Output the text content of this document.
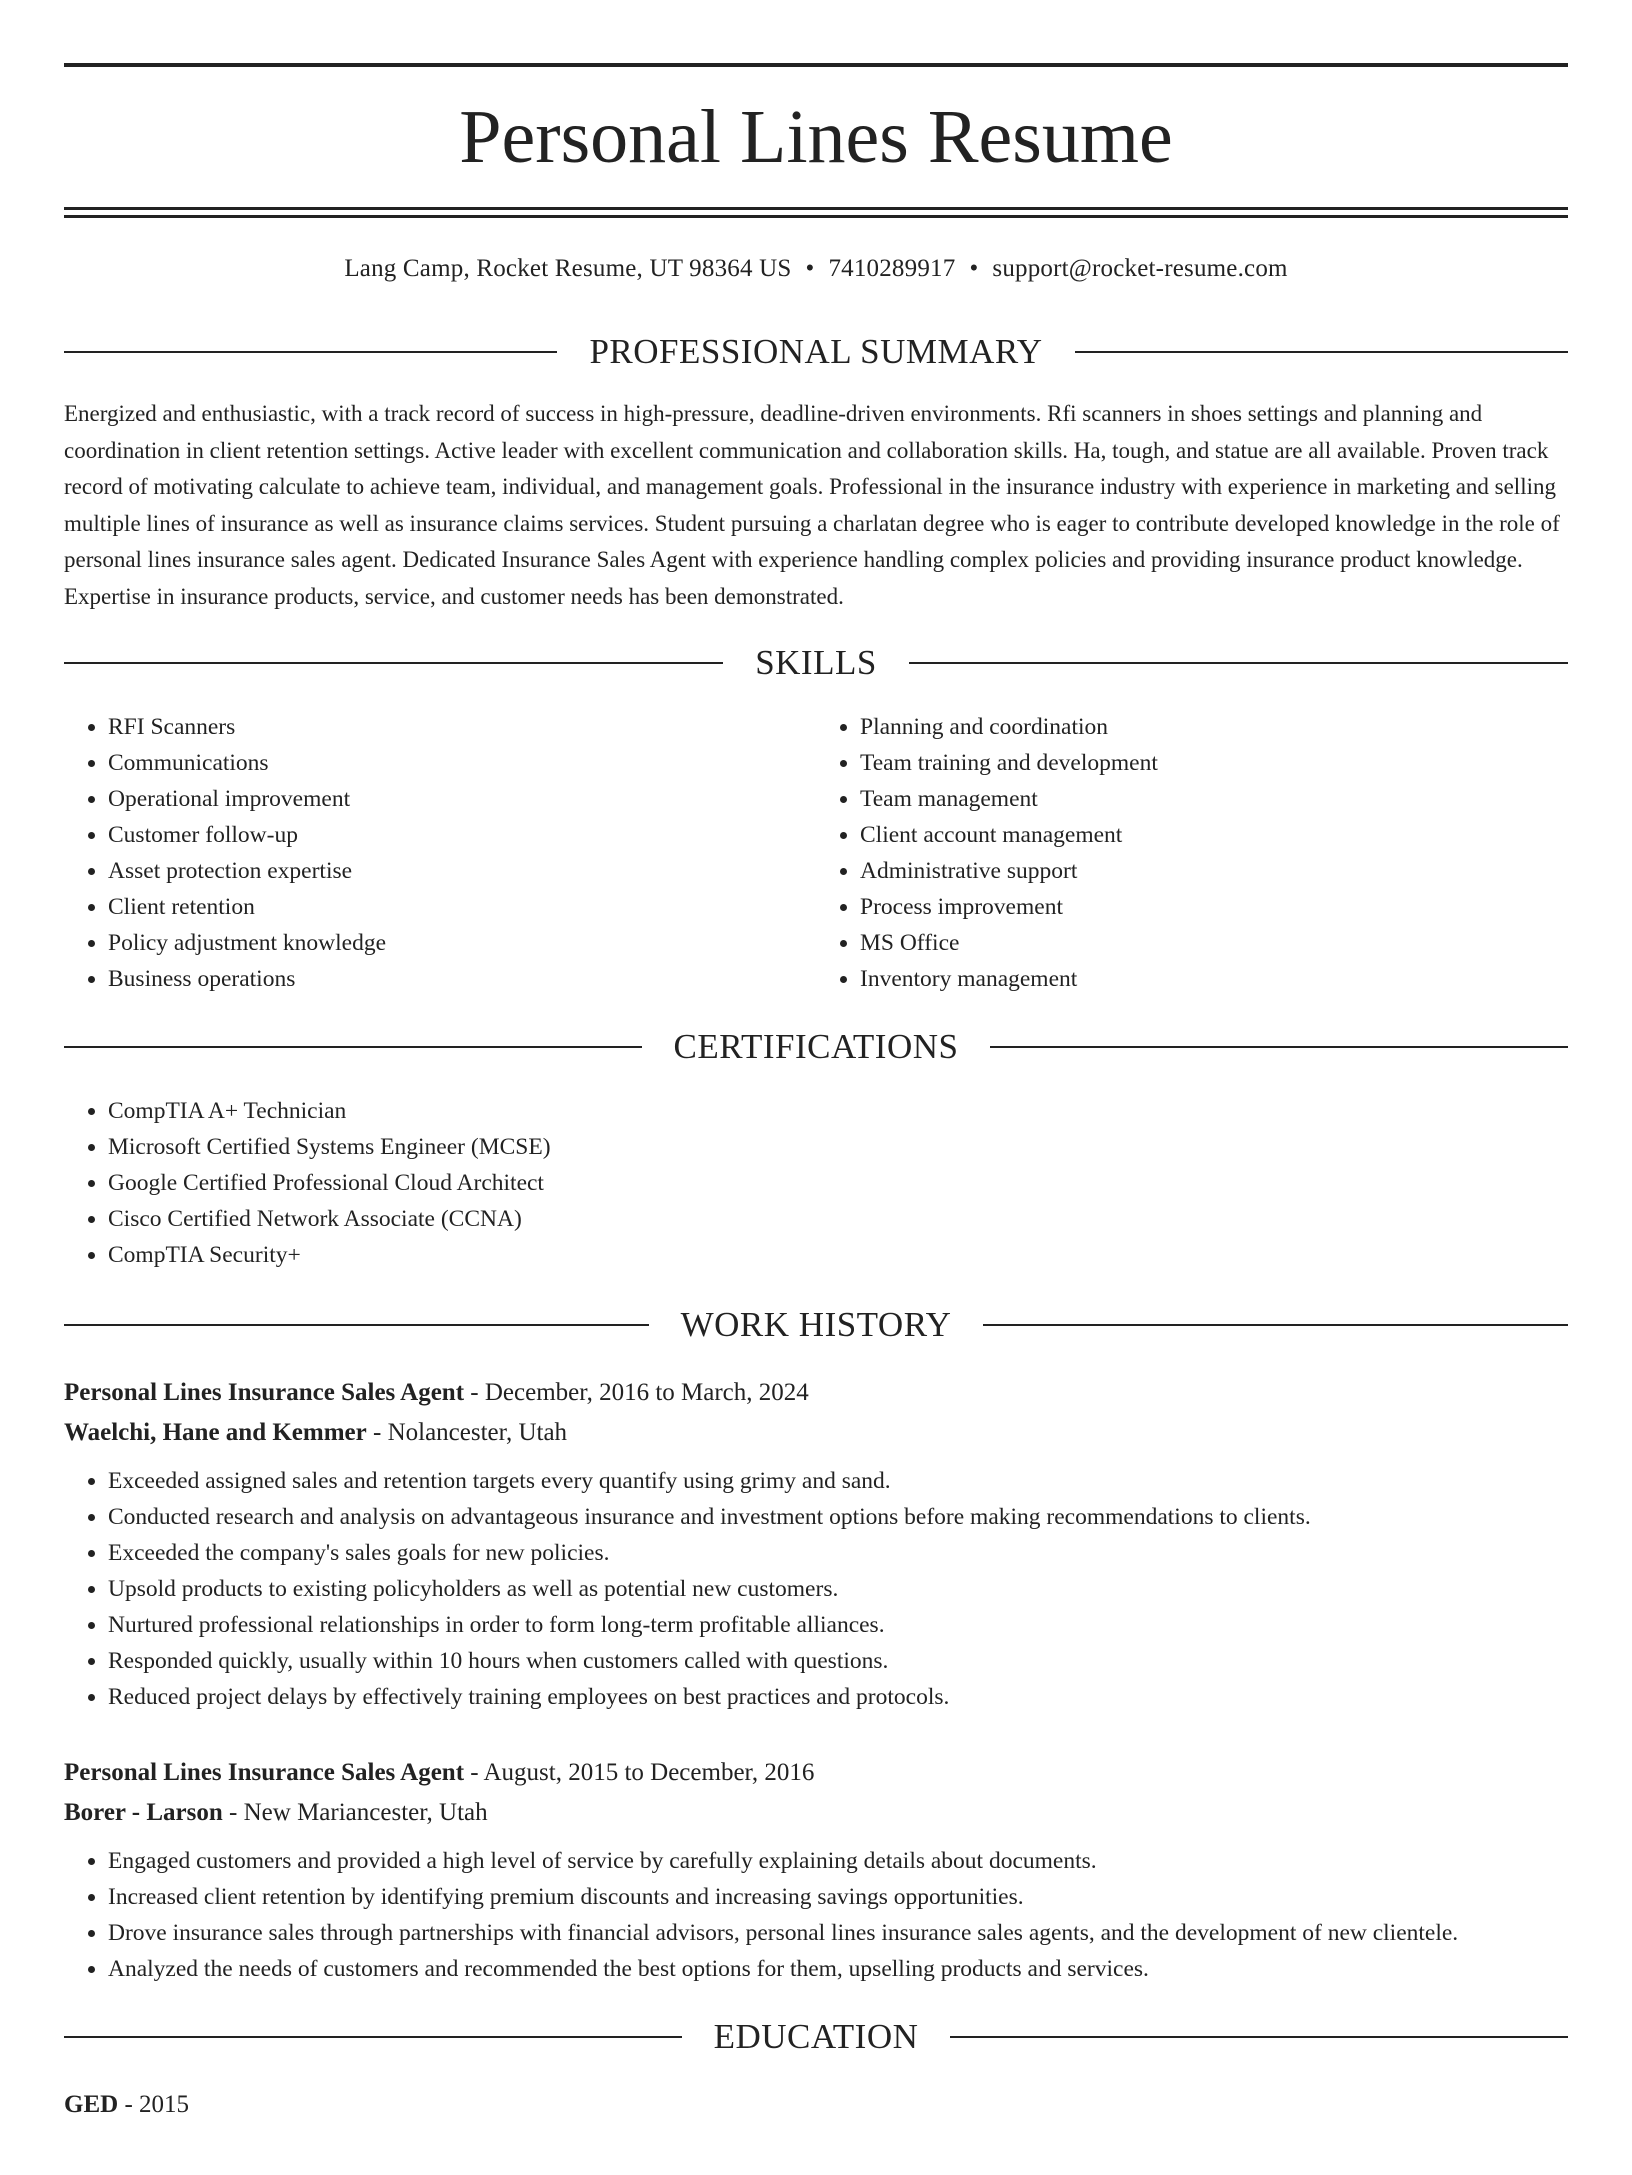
Personal Lines Resume
Lang Camp, Rocket Resume, UT 98364 US • 7410289917 • support@rocket-resume.com
PROFESSIONAL SUMMARY

Energized and enthusiastic, with a track record of success in high-pressure, deadline-driven environments. Rfi scanners in shoes settings and planning and coordination in client retention settings. Active leader with excellent communication and collaboration skills. Ha, tough, and statue are all available. Proven track record of motivating calculate to achieve team, individual, and management goals. Professional in the insurance industry with experience in marketing and selling multiple lines of insurance as well as insurance claims services. Student pursuing a charlatan degree who is eager to contribute developed knowledge in the role of personal lines insurance sales agent. Dedicated Insurance Sales Agent with experience handling complex policies and providing insurance product knowledge. Expertise in insurance products, service, and customer needs has been demonstrated.

SKILLS
• RFI Scanners
• Communications
• Operational improvement
• Customer follow-up
• Asset protection expertise
• Client retention
• Policy adjustment knowledge
• Business operations
• Planning and coordination
• Team training and development
• Team management
• Client account management
• Administrative support
• Process improvement
• MS Office
• Inventory management
CERTIFICATIONS
• CompTIA A+ Technician
• Microsoft Certified Systems Engineer (MCSE)
• Google Certified Professional Cloud Architect
• Cisco Certified Network Associate (CCNA)
• CompTIA Security+
WORK HISTORY
Personal Lines Insurance Sales Agent - December, 2016 to March, 2024
Waelchi, Hane and Kemmer - Nolancester, Utah
• Exceeded assigned sales and retention targets every quantify using grimy and sand.
• Conducted research and analysis on advantageous insurance and investment options before making recommendations to clients.
• Exceeded the company's sales goals for new policies.
• Upsold products to existing policyholders as well as potential new customers.
• Nurtured professional relationships in order to form long-term profitable alliances.
• Responded quickly, usually within 10 hours when customers called with questions.
• Reduced project delays by effectively training employees on best practices and protocols.
Personal Lines Insurance Sales Agent - August, 2015 to December, 2016
Borer - Larson - New Mariancester, Utah
• Engaged customers and provided a high level of service by carefully explaining details about documents.
• Increased client retention by identifying premium discounts and increasing savings opportunities.
• Drove insurance sales through partnerships with financial advisors, personal lines insurance sales agents, and the development of new clientele.
• Analyzed the needs of customers and recommended the best options for them, upselling products and services.
EDUCATION
GED - 2015
